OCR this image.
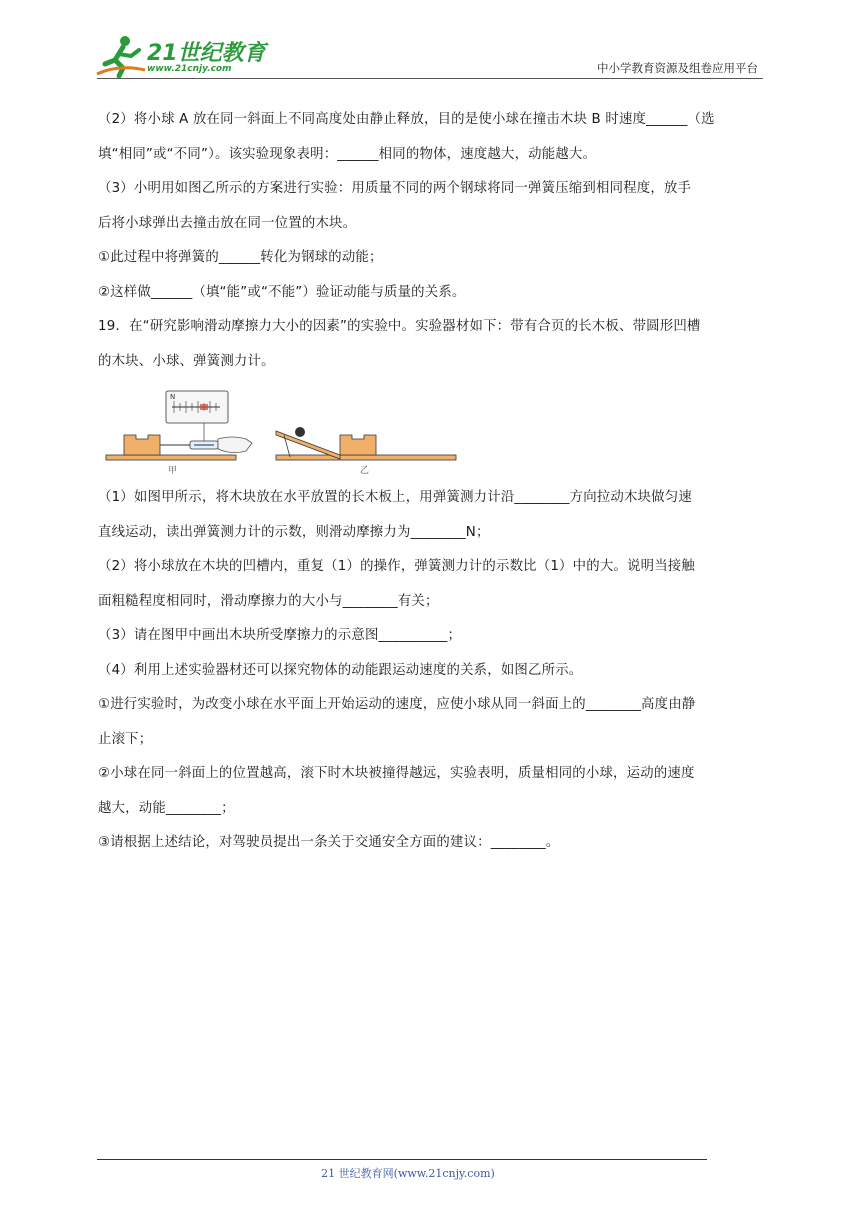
21世纪教育
www.21cnjy.com	中小学教育资源及组卷应用平台
（2）将小球 A 放在同一斜面上不同高度处由静止释放，目的是使小球在撞击木块 B 时速度______（选
填“相同”或“不同”）。该实验现象表明：______相同的物体，速度越大，动能越大。
（3）小明用如图乙所示的方案进行实验：用质量不同的两个钢球将同一弹簧压缩到相同程度，放手
后将小球弹出去撞击放在同一位置的木块。
①此过程中将弹簧的______转化为钢球的动能；
②这样做______（填“能”或“不能”）验证动能与质量的关系。
19．在“研究影响滑动摩擦力大小的因素”的实验中。实验器材如下：带有合页的长木板、带圆形凹槽
的木块、小球、弹簧测力计。
N
甲	乙
（1）如图甲所示，将木块放在水平放置的长木板上，用弹簧测力计沿________方向拉动木块做匀速
直线运动，读出弹簧测力计的示数，则滑动摩擦力为________N；
（2）将小球放在木块的凹槽内，重复（1）的操作，弹簧测力计的示数比（1）中的大。说明当接触
面粗糙程度相同时，滑动摩擦力的大小与________有关；
（3）请在图甲中画出木块所受摩擦力的示意图__________；
（4）利用上述实验器材还可以探究物体的动能跟运动速度的关系，如图乙所示。
①进行实验时，为改变小球在水平面上开始运动的速度，应使小球从同一斜面上的________高度由静
止滚下；
②小球在同一斜面上的位置越高，滚下时木块被撞得越远，实验表明，质量相同的小球，运动的速度
越大，动能________；
③请根据上述结论，对驾驶员提出一条关于交通安全方面的建议：________。
21 世纪教育网(www.21cnjy.com)
